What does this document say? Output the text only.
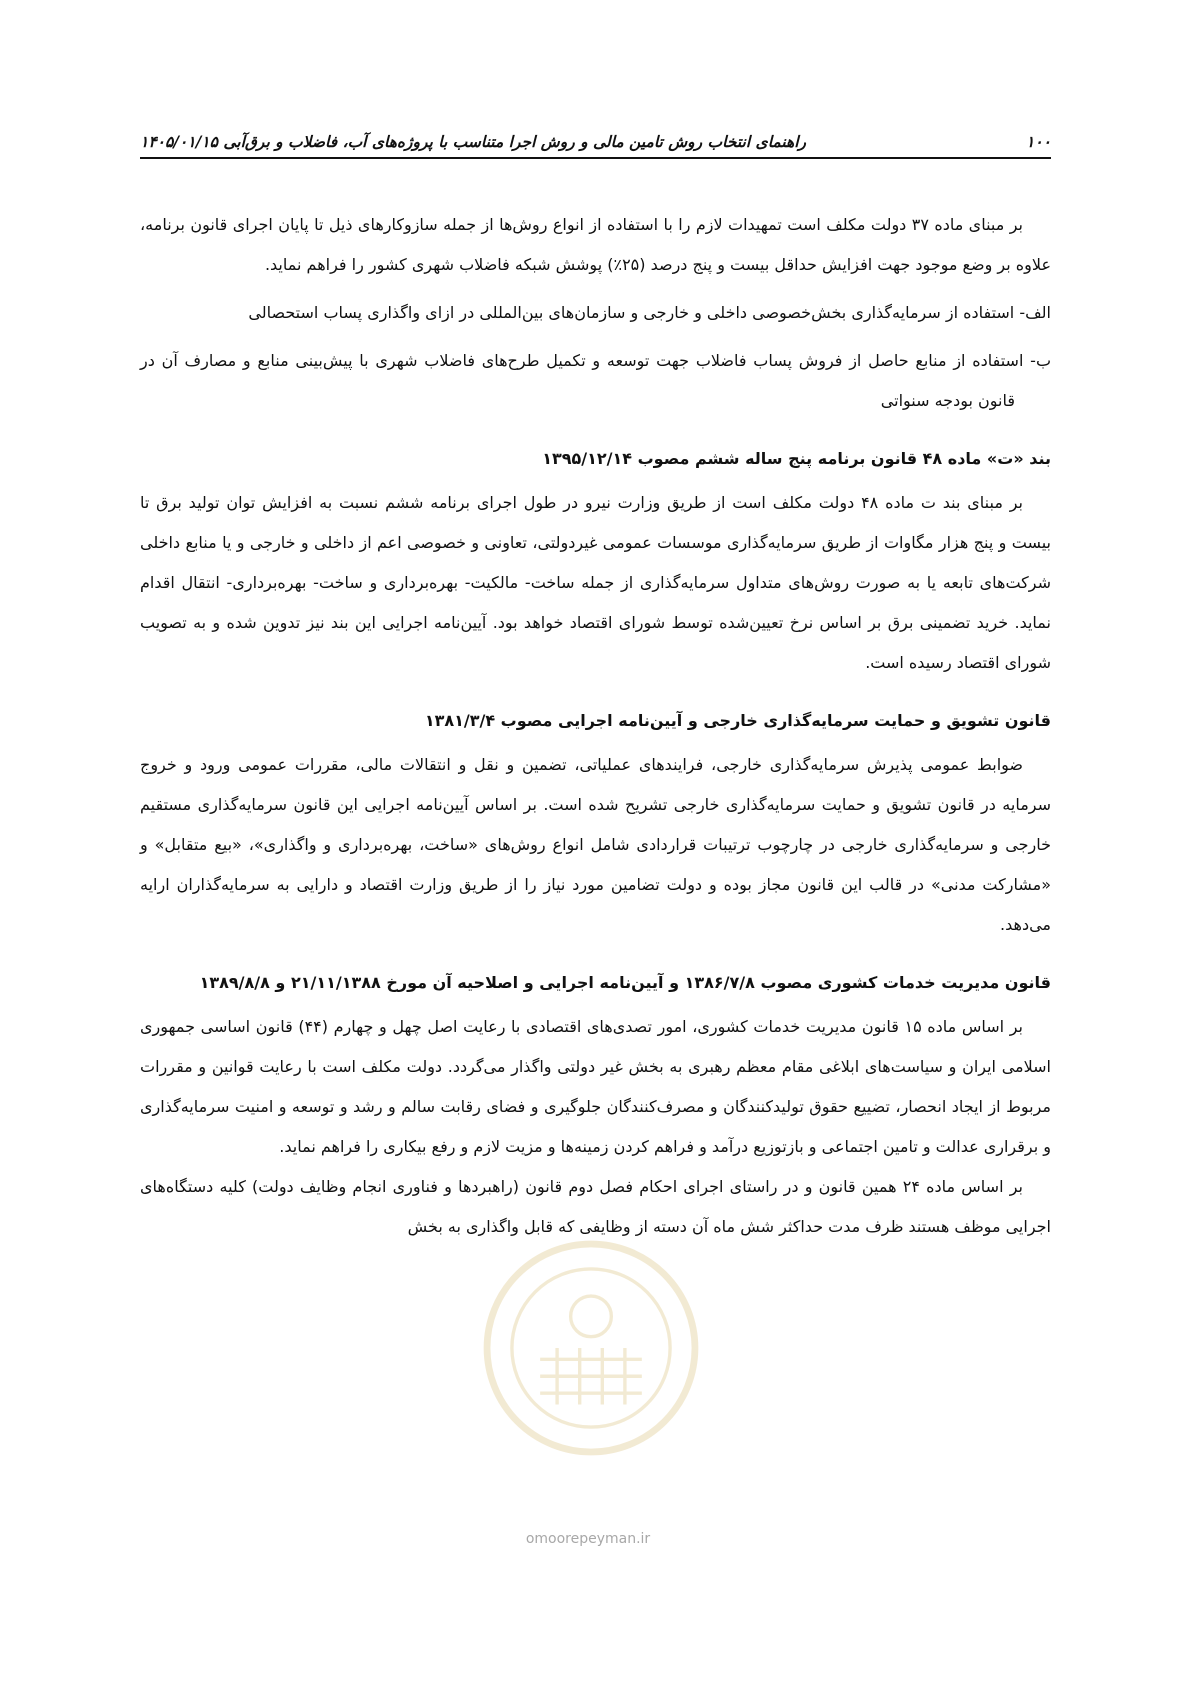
۱۰۰
راهنمای انتخاب روش تامین مالی و روش اجرا متناسب با پروژه‌های آب، فاضلاب و برق‌آبی ۱۴۰۵/۰۱/۱۵
omoorepeyman.ir

بر مبنای ماده ۳۷ دولت مکلف است تمهیدات لازم را با استفاده از انواع روش‌ها از جمله سازوکارهای ذیل تا پایان اجرای قانون برنامه، علاوه بر وضع موجود جهت افزایش حداقل بیست و پنج درصد (۲۵٪) پوشش شبکه فاضلاب شهری کشور را فراهم نماید.

الف- استفاده از سرمایه‌گذاری بخش‌خصوصی داخلی و خارجی و سازمان‌های بین‌المللی در ازای واگذاری پساب استحصالی

ب- استفاده از منابع حاصل از فروش پساب فاضلاب جهت توسعه و تکمیل طرح‌های فاضلاب شهری با پیش‌بینی منابع و مصارف آن در قانون بودجه سنواتی

بند «ت» ماده ۴۸ قانون برنامه پنج ساله ششم مصوب ۱۳۹۵/۱۲/۱۴

بر مبنای بند ت ماده ۴۸ دولت مکلف است از طریق وزارت نیرو در طول اجرای برنامه ششم نسبت به افزایش توان تولید برق تا بیست و پنج هزار مگاوات از طریق سرمایه‌گذاری موسسات عمومی غیردولتی، تعاونی و خصوصی اعم از داخلی و خارجی و یا منابع داخلی شرکت‌های تابعه یا به صورت روش‌های متداول سرمایه‌گذاری از جمله ساخت- مالکیت- بهره‌برداری و ساخت- بهره‌برداری- انتقال اقدام نماید. خرید تضمینی برق بر اساس نرخ تعیین‌شده توسط شورای اقتصاد خواهد بود. آیین‌نامه اجرایی این بند نیز تدوین شده و به تصویب شورای اقتصاد رسیده است.

قانون تشویق و حمایت سرمایه‌گذاری خارجی و آیین‌نامه اجرایی مصوب ۱۳۸۱/۳/۴

ضوابط عمومی پذیرش سرمایه‌گذاری خارجی، فرایندهای عملیاتی، تضمین و نقل و انتقالات مالی، مقررات عمومی ورود و خروج سرمایه در قانون تشویق و حمایت سرمایه‌گذاری خارجی تشریح شده است. بر اساس آیین‌نامه اجرایی این قانون سرمایه‌گذاری مستقیم خارجی و سرمایه‌گذاری خارجی در چارچوب ترتیبات قراردادی شامل انواع روش‌های «ساخت، بهره‌برداری و واگذاری»، «بیع متقابل» و «مشارکت مدنی» در قالب این قانون مجاز بوده و دولت تضامین مورد نیاز را از طریق وزارت اقتصاد و دارایی به سرمایه‌گذاران ارایه می‌دهد.

قانون مدیریت خدمات کشوری مصوب ۱۳۸۶/۷/۸ و آیین‌نامه اجرایی و اصلاحیه آن مورخ ۲۱/۱۱/۱۳۸۸ و ۱۳۸۹/۸/۸

بر اساس ماده ۱۵ قانون مدیریت خدمات کشوری، امور تصدی‌های اقتصادی با رعایت اصل چهل و چهارم (۴۴) قانون اساسی جمهوری اسلامی ایران و سیاست‌های ابلاغی مقام معظم رهبری به بخش غیر دولتی واگذار می‌گردد. دولت مکلف است با رعایت قوانین و مقررات مربوط از ایجاد انحصار، تضییع حقوق تولیدکنندگان و مصرف‌کنندگان جلوگیری و فضای رقابت سالم و رشد و توسعه و امنیت سرمایه‌گذاری و برقراری عدالت و تامین اجتماعی و بازتوزیع درآمد و فراهم کردن زمینه‌ها و مزیت لازم و رفع بیکاری را فراهم نماید.

بر اساس ماده ۲۴ همین قانون و در راستای اجرای احکام فصل دوم قانون (راهبردها و فناوری انجام وظایف دولت) کلیه دستگاه‌های اجرایی موظف هستند ظرف مدت حداکثر شش ماه آن دسته از وظایفی که قابل واگذاری به بخش
